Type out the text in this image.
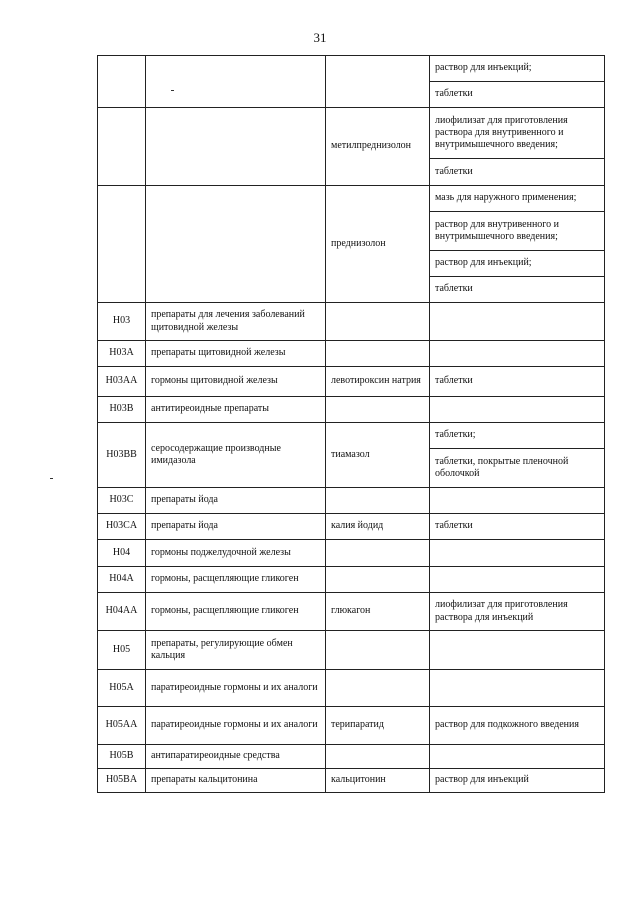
31
			раствор для инъекций;
			таблетки
		метилпреднизолон	лиофилизат для приготовления раствора для внутривенного и внутримышечного введения;
			таблетки
		преднизолон	мазь для наружного применения;
			раствор для внутривенного и внутримышечного введения;
			раствор для инъекций;
			таблетки
H03	препараты для лечения заболеваний щитовидной железы		
H03A	препараты щитовидной железы		
H03AA	гормоны щитовидной железы	левотироксин натрия	таблетки
H03B	антитиреоидные препараты		
H03BB	серосодержащие производные имидазола	тиамазол	таблетки;
			таблетки, покрытые пленочной оболочкой
H03C	препараты йода		
H03CA	препараты йода	калия йодид	таблетки
H04	гормоны поджелудочной железы		
H04A	гормоны, расщепляющие гликоген		
H04AA	гормоны, расщепляющие гликоген	глюкагон	лиофилизат для приготовления раствора для инъекций
H05	препараты, регулирующие обмен кальция		
H05A	паратиреоидные гормоны и их аналоги		
H05AA	паратиреоидные гормоны и их аналоги	терипаратид	раствор для подкожного введения
H05B	антипаратиреоидные средства		
H05BA	препараты кальцитонина	кальцитонин	раствор для инъекций
